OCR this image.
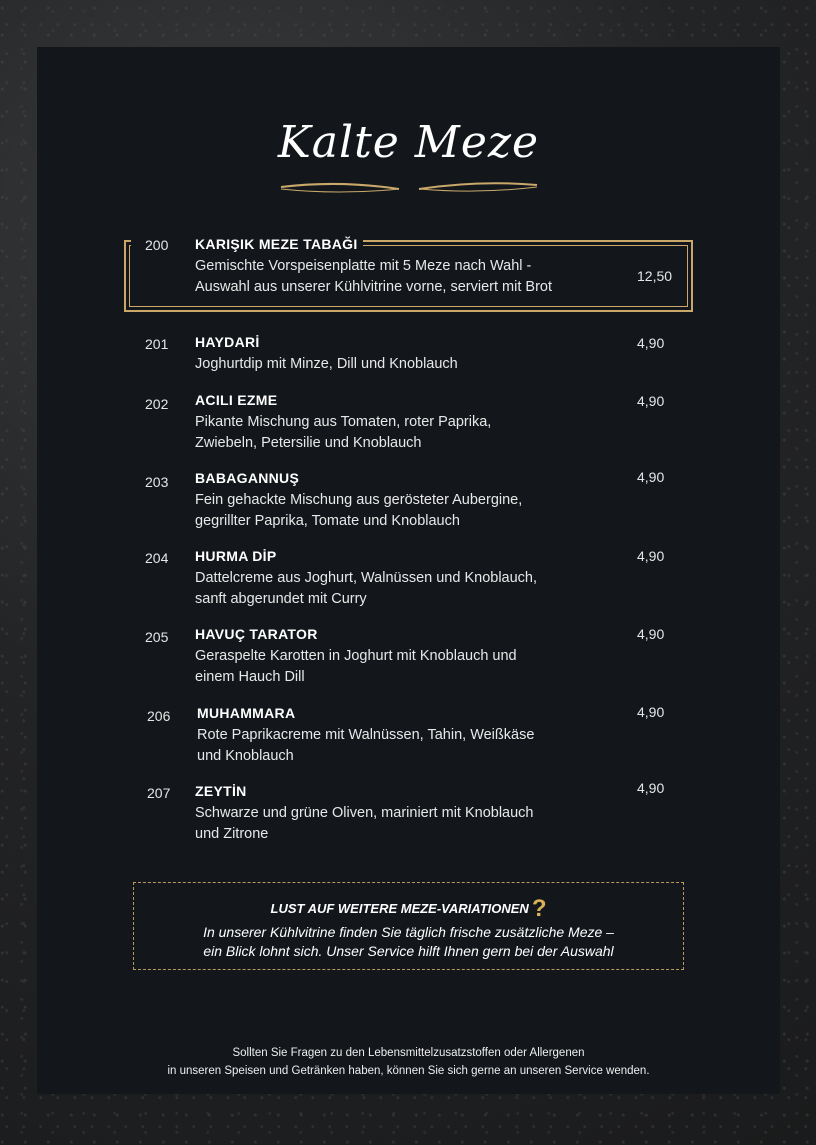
Kalte Meze
200 KARIŞIK MEZE TABAĞI
Gemischte Vorspeisenplatte mit 5 Meze nach Wahl -
Auswahl aus unserer Kühlvitrine vorne, serviert mit Brot
12,50
201 HAYDARİ
Joghurtdip mit Minze, Dill und Knoblauch
4,90
202 ACILI EZME
Pikante Mischung aus Tomaten, roter Paprika,
Zwiebeln, Petersilie und Knoblauch
4,90
203 BABAGANNUŞ
Fein gehackte Mischung aus gerösteter Aubergine,
gegrillter Paprika, Tomate und Knoblauch
4,90
204 HURMA DİP
Dattelcreme aus Joghurt, Walnüssen und Knoblauch,
sanft abgerundet mit Curry
4,90
205 HAVUÇ TARATOR
Geraspelte Karotten in Joghurt mit Knoblauch und
einem Hauch Dill
4,90
206 MUHAMMARA
Rote Paprikacreme mit Walnüssen, Tahin, Weißkäse
und Knoblauch
4,90
207 ZEYTİN
Schwarze und grüne Oliven, mariniert mit Knoblauch
und Zitrone
4,90
LUST AUF WEITERE MEZE-VARIATIONEN ?
In unserer Kühlvitrine finden Sie täglich frische zusätzliche Meze –
ein Blick lohnt sich. Unser Service hilft Ihnen gern bei der Auswahl
Sollten Sie Fragen zu den Lebensmittelzusatzstoffen oder Allergenen
in unseren Speisen und Getränken haben, können Sie sich gerne an unseren Service wenden.
